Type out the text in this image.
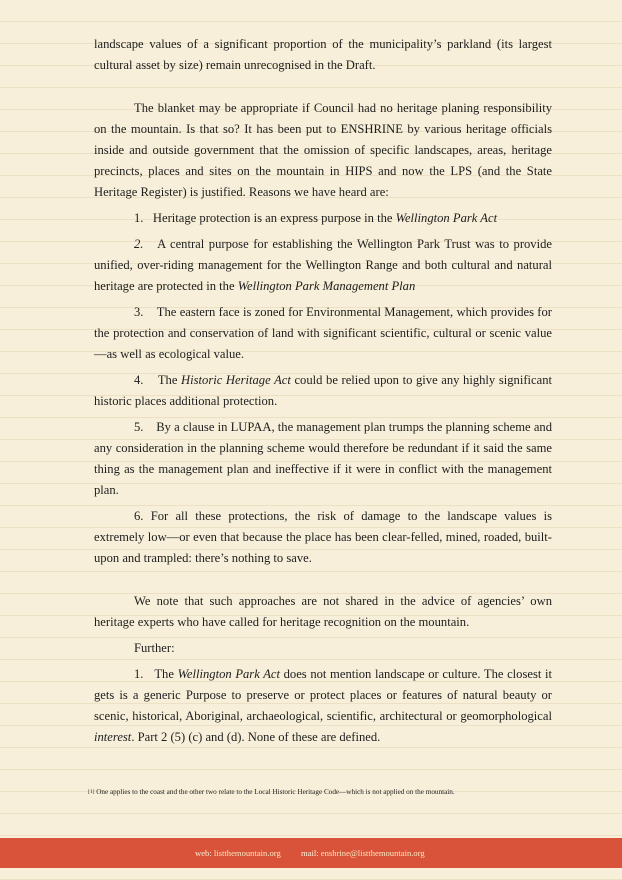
landscape values of a significant proportion of the municipality’s parkland (its largest cultural asset by size) remain unrecognised in the Draft.

The blanket may be appropriate if Council had no heritage planing responsibility on the mountain. Is that so? It has been put to ENSHRINE by various heritage officials inside and outside government that the omission of specific landscapes, areas, heritage precincts, places and sites on the mountain in HIPS and now the LPS (and the State Heritage Register) is justified. Reasons we have heard are:

1. Heritage protection is an express purpose in the Wellington Park Act

2. A central purpose for establishing the Wellington Park Trust was to provide unified, over-riding management for the Wellington Range and both cultural and natural heritage are protected in the Wellington Park Management Plan

3. The eastern face is zoned for Environmental Management, which provides for the protection and conservation of land with significant scientific, cultural or scenic value—as well as ecological value.

4. The Historic Heritage Act could be relied upon to give any highly significant historic places additional protection.

5. By a clause in LUPAA, the management plan trumps the planning scheme and any consideration in the planning scheme would therefore be redundant if it said the same thing as the management plan and ineffective if it were in conflict with the management plan.

6. For all these protections, the risk of damage to the landscape values is extremely low—or even that because the place has been clear-felled, mined, roaded, built-upon and trampled: there’s nothing to save.

We note that such approaches are not shared in the advice of agencies’ own heritage experts who have called for heritage recognition on the mountain.

Further:

1. The Wellington Park Act does not mention landscape or culture. The closest it gets is a generic Purpose to preserve or protect places or features of natural beauty or scenic, historical, Aboriginal, archaeological, scientific, architectural or geomorphological interest. Part 2 (5) (c) and (d). None of these are defined.

[1] One applies to the coast and the other two relate to the Local Historic Heritage Code—which is not applied on the mountain.
web: listthemountain.org mail: enshrine@listthemountain.org
